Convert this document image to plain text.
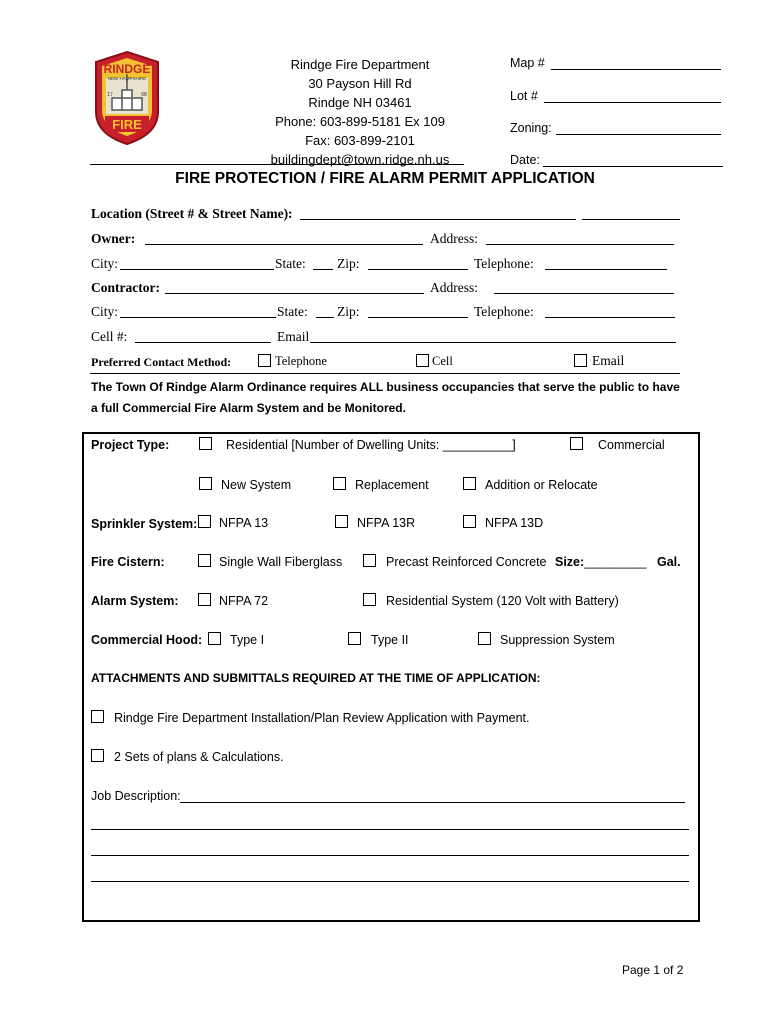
RINDGE
NEW HAMPSHIRE
17	68
FIRE
Rindge Fire Department
30 Payson Hill Rd
Rindge NH 03461
Phone: 603-899-5181 Ex 109
Fax: 603-899-2101
buildingdept@town.ridge.nh.us
Map #
Lot #
Zoning:
Date:
FIRE PROTECTION / FIRE ALARM PERMIT APPLICATION
Location (Street # & Street Name):
Owner:	Address:
City:	State: Zip:	Telephone:
Contractor:	Address:
City:	State: Zip:	Telephone:
Cell #:	Email
Preferred Contact Method:	Telephone	Cell	Email
The Town Of Rindge Alarm Ordinance requires ALL business occupancies that serve the public to have
a full Commercial Fire Alarm System and be Monitored.
Project Type:	Residential [Number of Dwelling Units: __________]	Commercial
New System	Replacement	Addition or Relocate
Sprinkler System: NFPA 13	NFPA 13R	NFPA 13D
Fire Cistern:	Single Wall Fiberglass	Precast Reinforced Concrete Size: _________ Gal.
Alarm System:	NFPA 72	Residential System (120 Volt with Battery)
Commercial Hood: Type I	Type II	Suppression System
ATTACHMENTS AND SUBMITTALS REQUIRED AT THE TIME OF APPLICATION:
Rindge Fire Department Installation/Plan Review Application with Payment.
2 Sets of plans & Calculations.
Job Description:
Page 1 of 2
